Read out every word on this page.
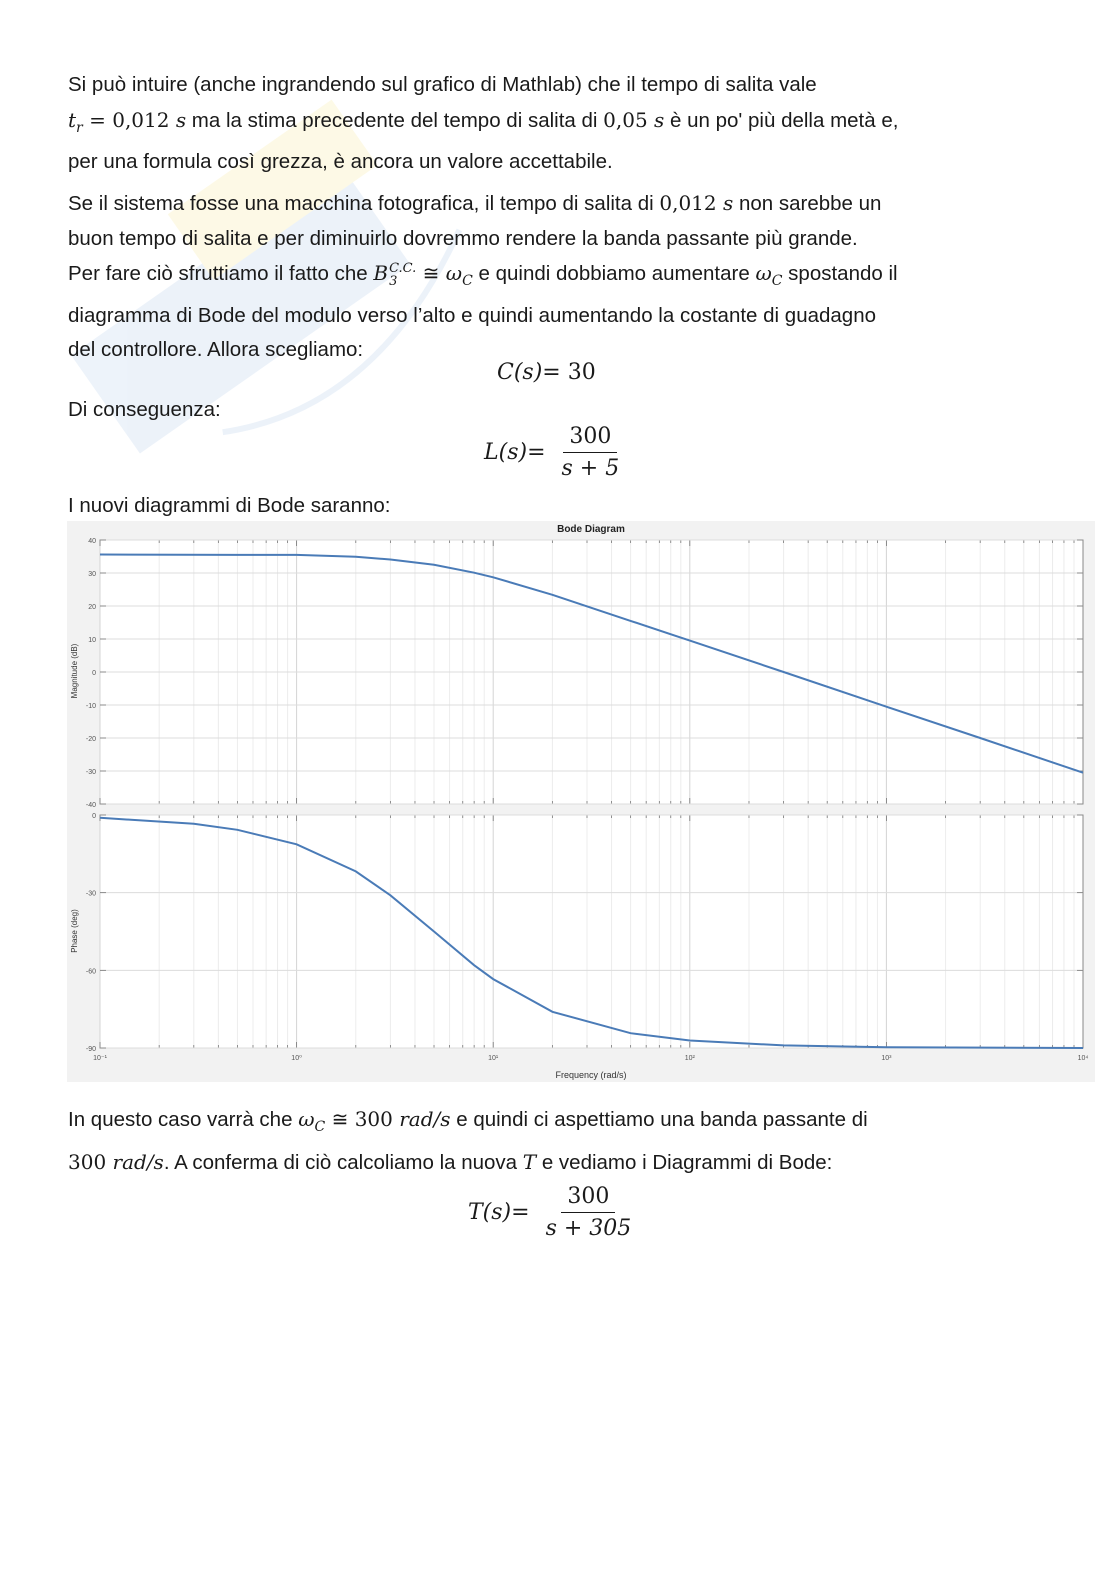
Si può intuire (anche ingrandendo sul grafico di Mathlab) che il tempo di salita vale
$t_r = 0,012$ s ma la stima precedente del tempo di salita di 0,05 s è un po' più della metà e,
per una formula così grezza, è ancora un valore accettabile.

Se il sistema fosse una macchina fotografica, il tempo di salita di 0,012 s non sarebbe un
buon tempo di salita e per diminuirlo dovremmo rendere la banda passante più grande.
Per fare ciò sfruttiamo il fatto che B C.C.
3 ≅ $\omega_C$ e quindi dobbiamo aumentare $\omega_C$ spostando il
diagramma di Bode del modulo verso l’alto e quindi aumentando la costante di guadagno
del controllore. Allora scegliamo:

C(s) = 30

Di conseguenza:

$L(s) = \frac{300}{s + 5}$

I nuovi diagrammi di Bode saranno:

Bode Diagram
40
30
20
10
0
-10
-20
-30
-40
0
-30
-60
-90
10⁻¹	10⁰	10¹	10²	10³	10⁴
Frequency (rad/s)
Magnitude (dB)
Phase (deg)

In questo caso varrà che $\omega_C$ ≅ 300 rad/s e quindi ci aspettiamo una banda passante di
300 rad/s. A conferma di ciò calcoliamo la nuova T e vediamo i Diagrammi di Bode:

$T(s) = \frac{300}{s + 305}$
